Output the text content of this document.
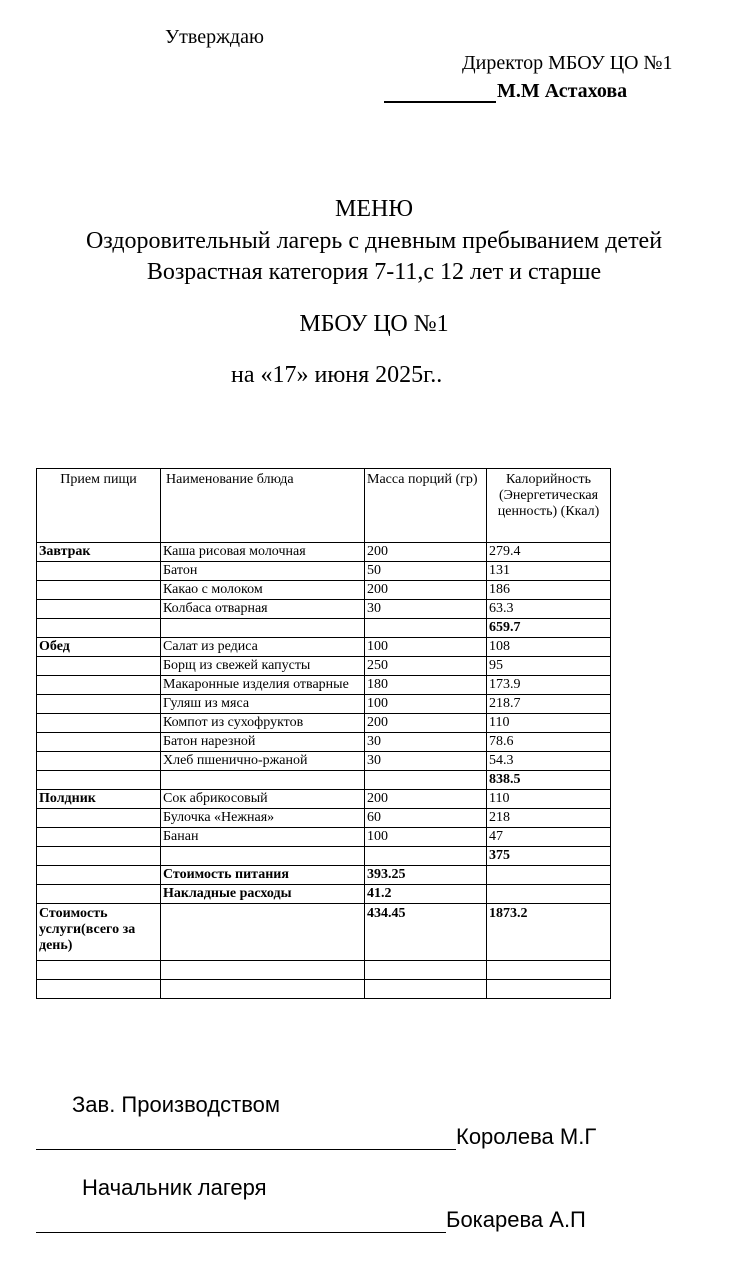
Утверждаю
Директор МБОУ ЦО №1
М.М Астахова
МЕНЮ
Оздоровительный лагерь с дневным пребыванием детей
Возрастная категория 7-11,с 12 лет и старше
МБОУ ЦО №1
на «17» июня 2025г..
Прием пищи	Наименование блюда	Масса порций (гр)	Калорийность (Энергетическая ценность) (Ккал)
Завтрак	Каша рисовая молочная	200	279.4
	Батон	50	131
	Какао с молоком	200	186
	Колбаса отварная	30	63.3
			659.7
Обед	Салат из редиса	100	108
	Борщ из свежей капусты	250	95
	Макаронные изделия отварные	180	173.9
	Гуляш из мяса	100	218.7
	Компот из сухофруктов	200	110
	Батон нарезной	30	78.6
	Хлеб пшенично-ржаной	30	54.3
			838.5
Полдник	Сок абрикосовый	200	110
	Булочка «Нежная»	60	218
	Банан	100	47
			375
	Стоимость питания	393.25	
	Накладные расходы	41.2	
Стоимость услуги(всего за день)		434.45	1873.2

Зав. Производством
Королева М.Г
Начальник лагеря
Бокарева А.П
